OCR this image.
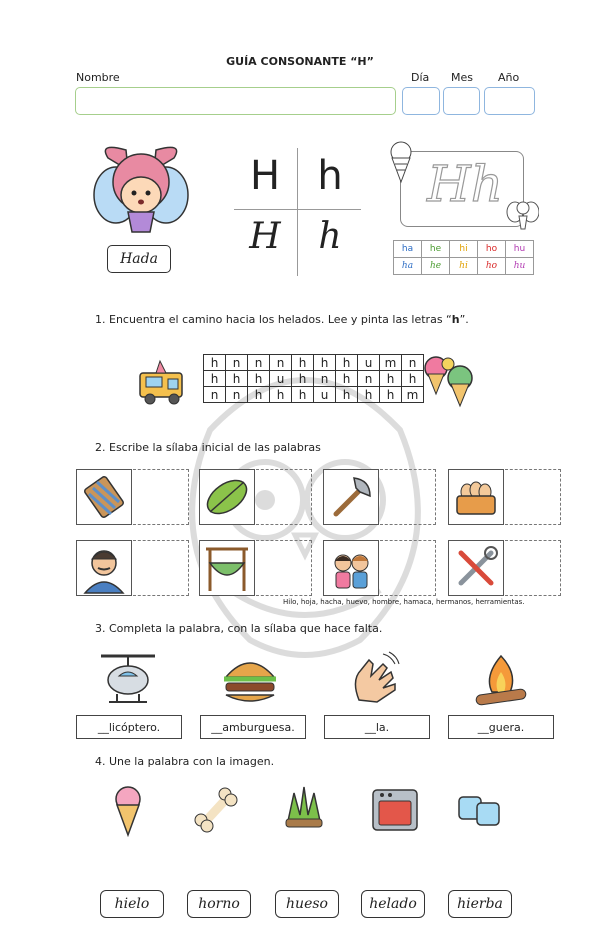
GUÍA CONSONANTE “H”
Nombre	Día Mes Año
Hada
H h
H	h
Hh
ha	he	hi	ho	hu
ha	he	hi	ho	hu
1. Encuentra el camino hacia los helados. Lee y pinta las letras “h”.
h	n	n	n	h	h	h	u	m	n
h	h	h	u	h	n	h	n	h	h
n	n	h	h	h	u	h	h	h	m
2. Escribe la sílaba inicial de las palabras
Hilo, hoja, hacha, huevo, hombre, hamaca, hermanos, herramientas.
3. Completa la palabra, con la sílaba que hace falta.
__licóptero.	__amburguesa.	__la.	__guera.
4. Une la palabra con la imagen.
hielo	horno	hueso	helado	hierba
